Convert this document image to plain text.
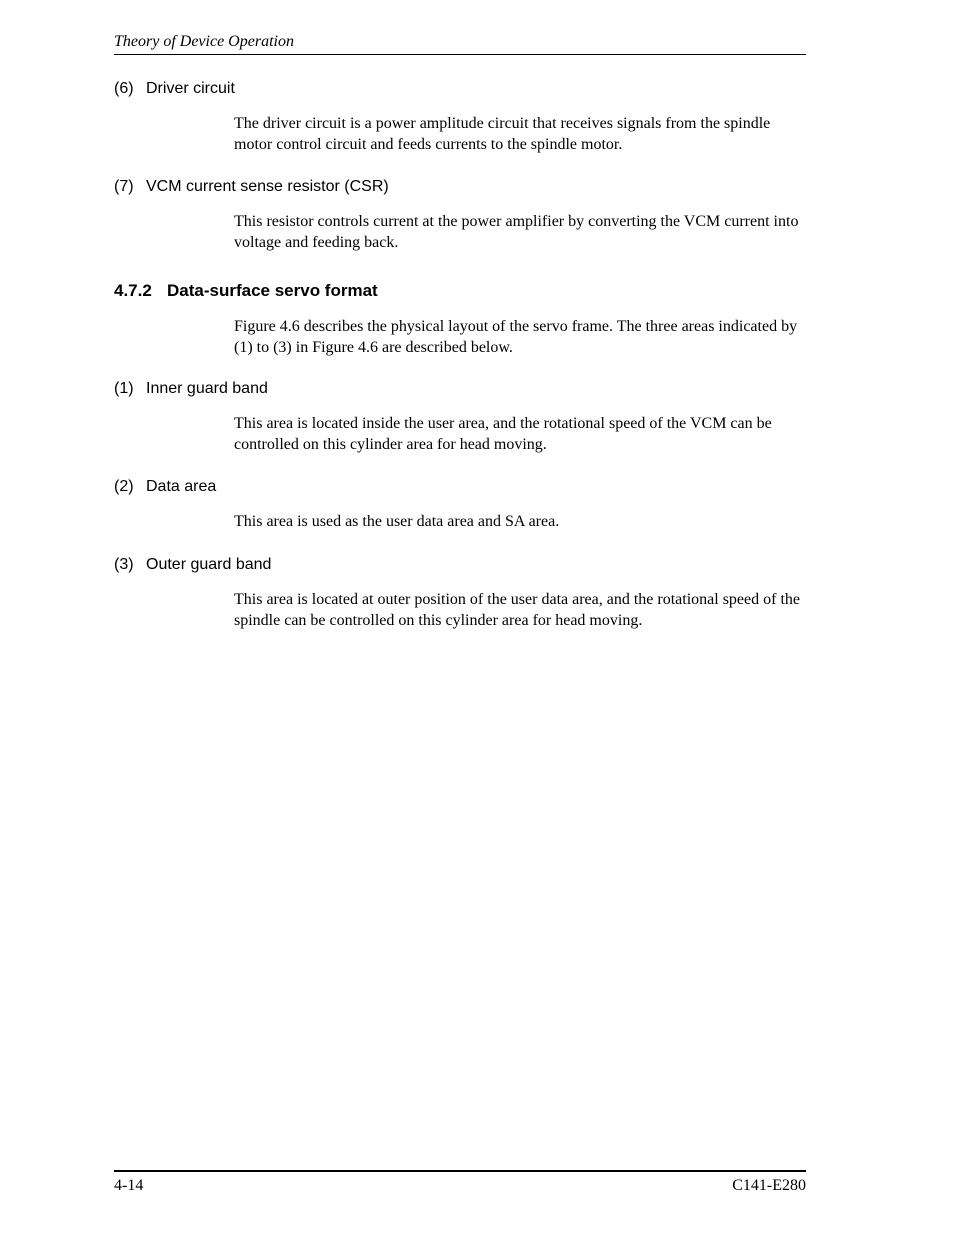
Theory of Device Operation
(6) Driver circuit
The driver circuit is a power amplitude circuit that receives signals from the spindle motor control circuit and feeds currents to the spindle motor.
(7) VCM current sense resistor (CSR)
This resistor controls current at the power amplifier by converting the VCM current into voltage and feeding back.
4.7.2 Data-surface servo format
Figure 4.6 describes the physical layout of the servo frame. The three areas indicated by (1) to (3) in Figure 4.6 are described below.
(1) Inner guard band
This area is located inside the user area, and the rotational speed of the VCM can be controlled on this cylinder area for head moving.
(2) Data area
This area is used as the user data area and SA area.
(3) Outer guard band
This area is located at outer position of the user data area, and the rotational speed of the spindle can be controlled on this cylinder area for head moving.
4-14	C141-E280
